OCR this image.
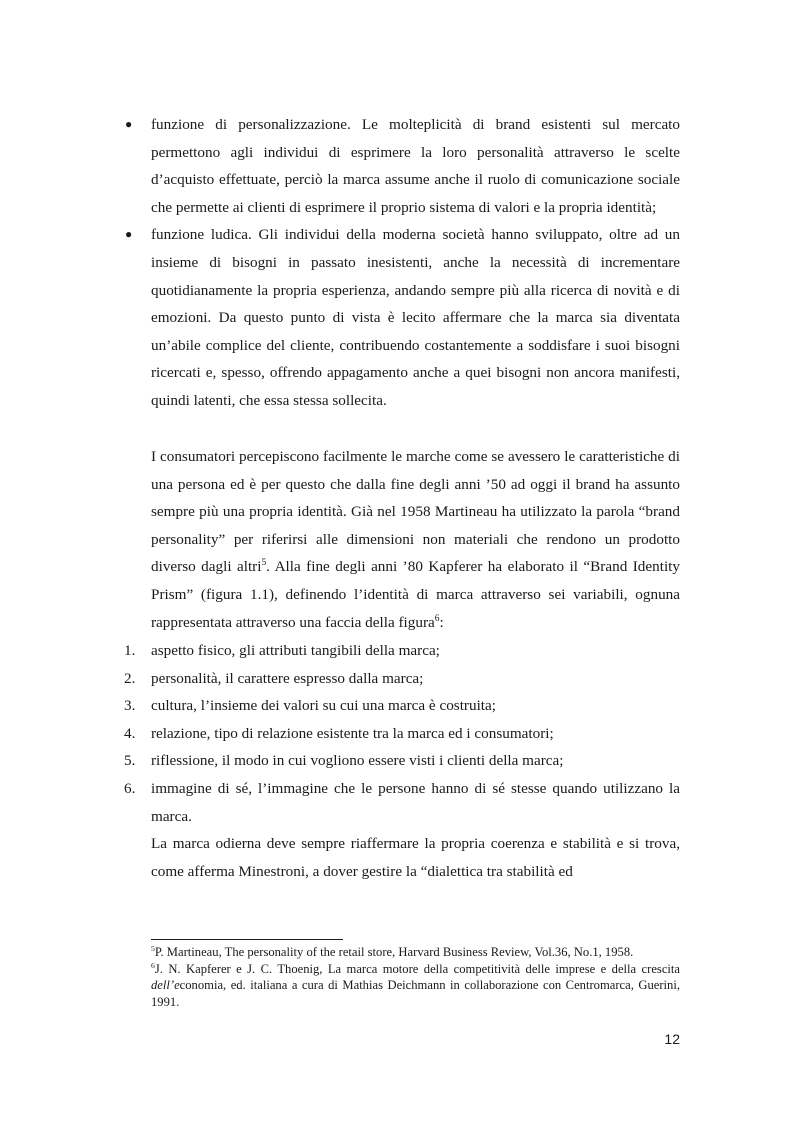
● funzione di personalizzazione. Le molteplicità di brand esistenti sul mercato permettono agli individui di esprimere la loro personalità attraverso le scelte d’acquisto effettuate, perciò la marca assume anche il ruolo di comunicazione sociale che permette ai clienti di esprimere il proprio sistema di valori e la propria identità;
● funzione ludica. Gli individui della moderna società hanno sviluppato, oltre ad un insieme di bisogni in passato inesistenti, anche la necessità di incrementare quotidianamente la propria esperienza, andando sempre più alla ricerca di novità e di emozioni. Da questo punto di vista è lecito affermare che la marca sia diventata un’abile complice del cliente, contribuendo costantemente a soddisfare i suoi bisogni ricercati e, spesso, offrendo appagamento anche a quei bisogni non ancora manifesti, quindi latenti, che essa stessa sollecita.
I consumatori percepiscono facilmente le marche come se avessero le caratteristiche di una persona ed è per questo che dalla fine degli anni ’50 ad oggi il brand ha assunto sempre più una propria identità. Già nel 1958 Martineau ha utilizzato la parola “brand personality” per riferirsi alle dimensioni non materiali che rendono un prodotto diverso dagli altri$^5$. Alla fine degli anni ’80 Kapferer ha elaborato il “Brand Identity Prism” (figura 1.1), definendo l’identità di marca attraverso sei variabili, ognuna rappresentata attraverso una faccia della figura$^6$:
1. aspetto fisico, gli attributi tangibili della marca;
2. personalità, il carattere espresso dalla marca;
3. cultura, l’insieme dei valori su cui una marca è costruita;
4. relazione, tipo di relazione esistente tra la marca ed i consumatori;
5. riflessione, il modo in cui vogliono essere visti i clienti della marca;
6. immagine di sé, l’immagine che le persone hanno di sé stesse quando utilizzano la marca.
La marca odierna deve sempre riaffermare la propria coerenza e stabilità e si trova, come afferma Minestroni, a dover gestire la “dialettica tra stabilità ed
$^5$P. Martineau, The personality of the retail store, Harvard Business Review, Vol.36, No.1, 1958.
$^6$J. N. Kapferer e J. C. Thoenig, La marca motore della competitività delle imprese e della crescita dell’economia, ed. italiana a cura di Mathias Deichmann in collaborazione con Centromarca, Guerini, 1991.
12
